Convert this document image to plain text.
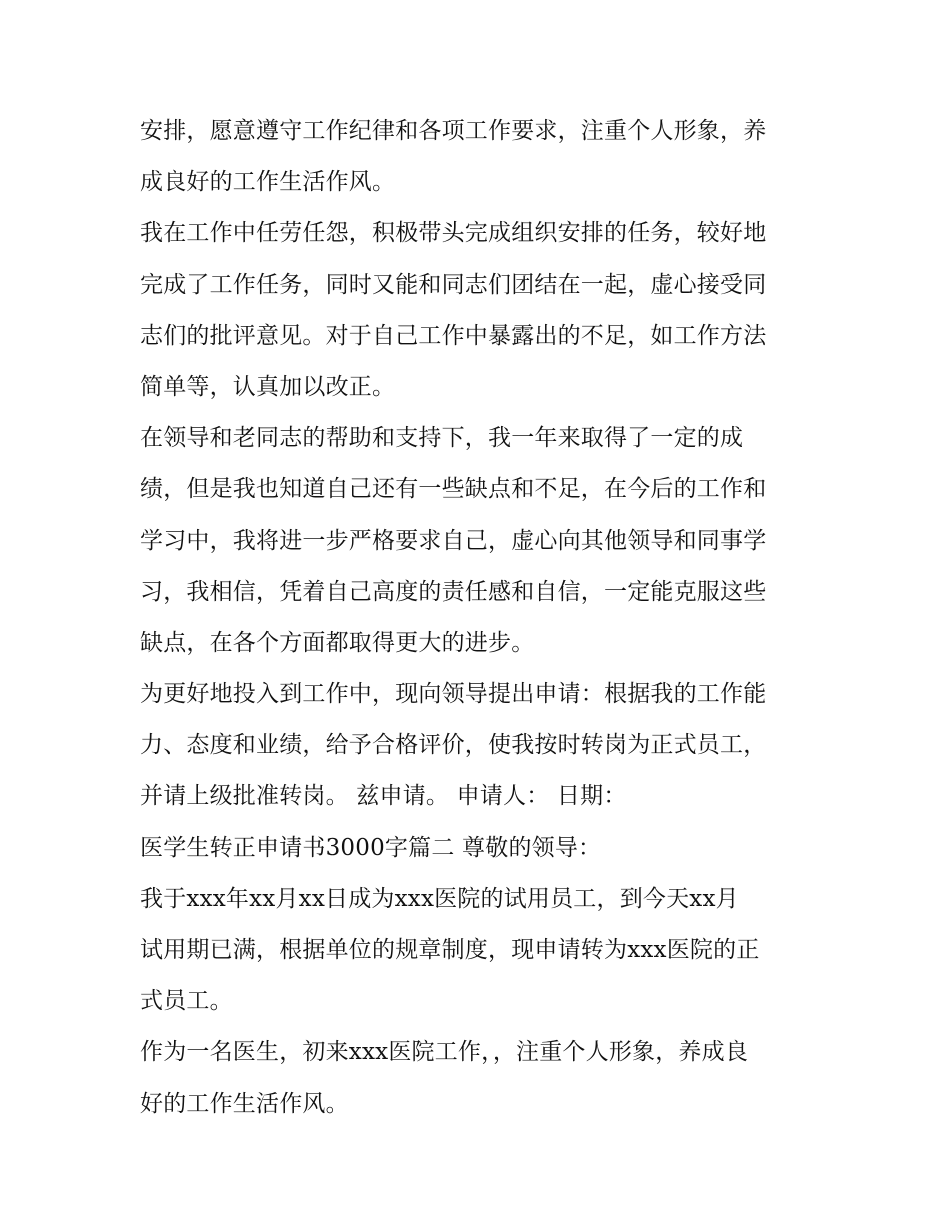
安排，愿意遵守工作纪律和各项工作要求，注重个人形象，养
成良好的工作生活作风。
我在工作中任劳任怨，积极带头完成组织安排的任务，较好地
完成了工作任务，同时又能和同志们团结在一起，虚心接受同
志们的批评意见。对于自己工作中暴露出的不足，如工作方法
简单等，认真加以改正。
在领导和老同志的帮助和支持下，我一年来取得了一定的成
绩，但是我也知道自己还有一些缺点和不足，在今后的工作和
学习中，我将进一步严格要求自己，虚心向其他领导和同事学
习，我相信，凭着自己高度的责任感和自信，一定能克服这些
缺点，在各个方面都取得更大的进步。
为更好地投入到工作中，现向领导提出申请：根据我的工作能
力、态度和业绩，给予合格评价，使我按时转岗为正式员工，
并请上级批准转岗。 兹申请。 申请人： 日期：
医学生转正申请书3000字篇二 尊敬的领导：
我于xxx年xx月xx日成为xxx医院的试用员工，到今天xx月
试用期已满，根据单位的规章制度，现申请转为xxx医院的正
式员工。
作为一名医生，初来xxx医院工作，，注重个人形象，养成良
好的工作生活作风。
